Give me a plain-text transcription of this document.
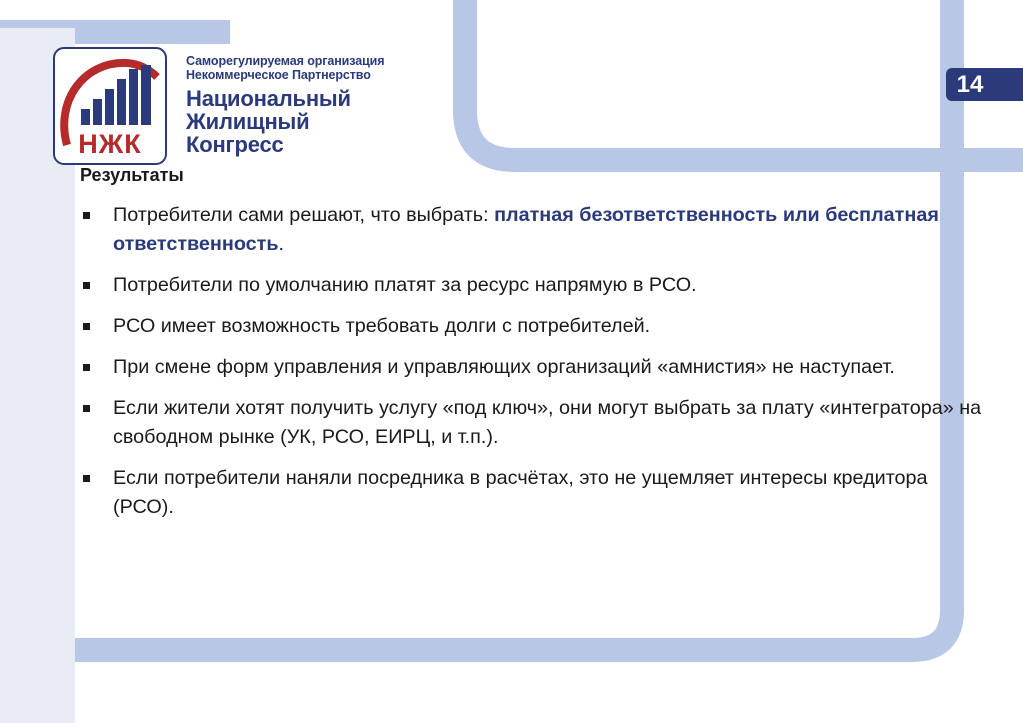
НЖК
Саморегулируемая организация
Некоммерческое Партнерство
Национальный
Жилищный
Конгресс
14

Результаты

Потребители сами решают, что выбрать: платная безответственность или бесплатная ответственность.
Потребители по умолчанию платят за ресурс напрямую в РСО.
РСО имеет возможность требовать долги с потребителей.
При смене форм управления и управляющих организаций «амнистия» не наступает.
Если жители хотят получить услугу «под ключ», они могут выбрать за плату «интегратора» на свободном рынке (УК, РСО, ЕИРЦ, и т.п.).
Если потребители наняли посредника в расчётах, это не ущемляет интересы кредитора (РСО).
